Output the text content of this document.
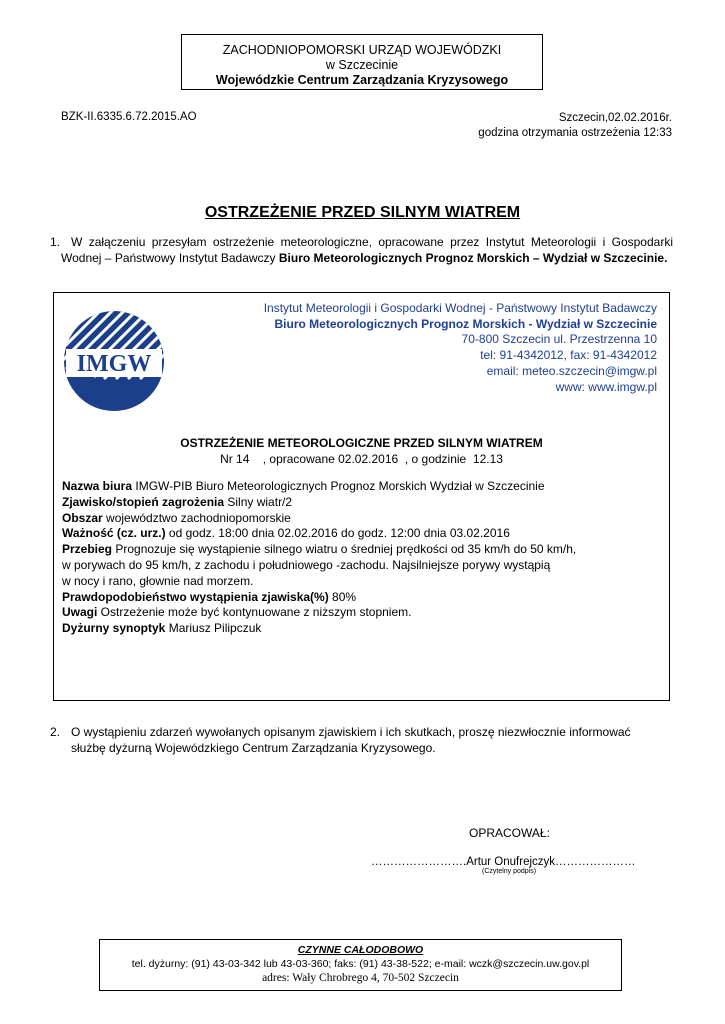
ZACHODNIOPOMORSKI URZĄD WOJEWÓDZKI
w Szczecinie
Wojewódzkie Centrum Zarządzania Kryzysowego
BZK-II.6335.6.72.2015.AO	Szczecin,02.02.2016r.
godzina otrzymania ostrzeżenia 12:33
OSTRZEŻENIE PRZED SILNYM WIATREM
1. W załączeniu przesyłam ostrzeżenie meteorologiczne, opracowane przez Instytut Meteorologii i Gospodarki Wodnej – Państwowy Instytut Badawczy Biuro Meteorologicznych Prognoz Morskich – Wydział w Szczecinie.
IMGW
Instytut Meteorologii i Gospodarki Wodnej - Państwowy Instytut Badawczy
Biuro Meteorologicznych Prognoz Morskich - Wydział w Szczecinie
70-800 Szczecin ul. Przestrzenna 10
tel: 91-4342012, fax: 91-4342012
email: meteo.szczecin@imgw.pl
www: www.imgw.pl
OSTRZEŻENIE METEOROLOGICZNE PRZED SILNYM WIATREM
Nr 14    , opracowane 02.02.2016  , o godzinie  12.13
Nazwa biura IMGW-PIB Biuro Meteorologicznych Prognoz Morskich Wydział w Szczecinie
Zjawisko/stopień zagrożenia Silny wiatr/2
Obszar województwo zachodniopomorskie
Ważność (cz. urz.) od godz. 18:00 dnia 02.02.2016 do godz. 12:00 dnia 03.02.2016
Przebieg Prognozuje się wystąpienie silnego wiatru o średniej prędkości od 35 km/h do 50 km/h,
w porywach do 95 km/h, z zachodu i południowego -zachodu. Najsilniejsze porywy wystąpią
w nocy i rano, głownie nad morzem.
Prawdopodobieństwo wystąpienia zjawiska(%) 80%
Uwagi Ostrzeżenie może być kontynuowane z niższym stopniem.
Dyżurny synoptyk Mariusz Pilipczuk
2. O wystąpieniu zdarzeń wywołanych opisanym zjawiskiem i ich skutkach, proszę niezwłocznie informować
służbę dyżurną Wojewódzkiego Centrum Zarządzania Kryzysowego.
OPRACOWAŁ:
…………………….Artur Onufrejczyk…………………
(Czytelny podpis)
CZYNNE CAŁODOBOWO
tel. dyżurny: (91) 43-03-342 lub 43-03-360; faks: (91) 43-38-522; e-mail: wczk@szczecin.uw.gov.pl
adres: Wały Chrobrego 4, 70-502 Szczecin
